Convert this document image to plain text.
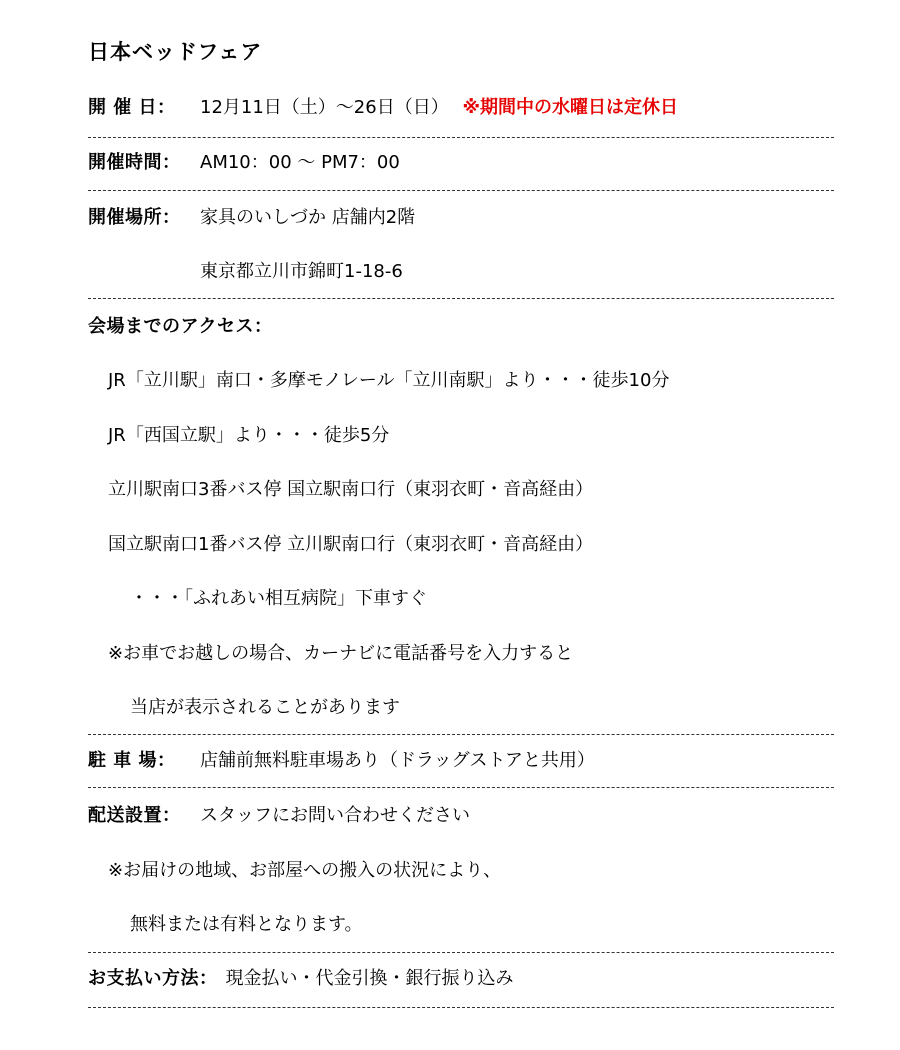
日本ベッドフェア
開 催 日： 12月11日（土）～26日（日） ※期間中の水曜日は定休日
開催時間： AM10：00 ～ PM7：00
開催場所： 家具のいしづか 店舗内2階
東京都立川市錦町1-18-6
会場までのアクセス：
JR「立川駅」南口・多摩モノレール「立川南駅」より・・・徒歩10分
JR「西国立駅」より・・・徒歩5分
立川駅南口3番バス停 国立駅南口行（東羽衣町・音高経由）
国立駅南口1番バス停 立川駅南口行（東羽衣町・音高経由）
・・・「ふれあい相互病院」下車すぐ
※お車でお越しの場合、カーナビに電話番号を入力すると
当店が表示されることがあります
駐 車 場： 店舗前無料駐車場あり（ドラッグストアと共用）
配送設置： スタッフにお問い合わせください
※お届けの地域、お部屋への搬入の状況により、
無料または有料となります。
お支払い方法： 現金払い・代金引換・銀行振り込み
